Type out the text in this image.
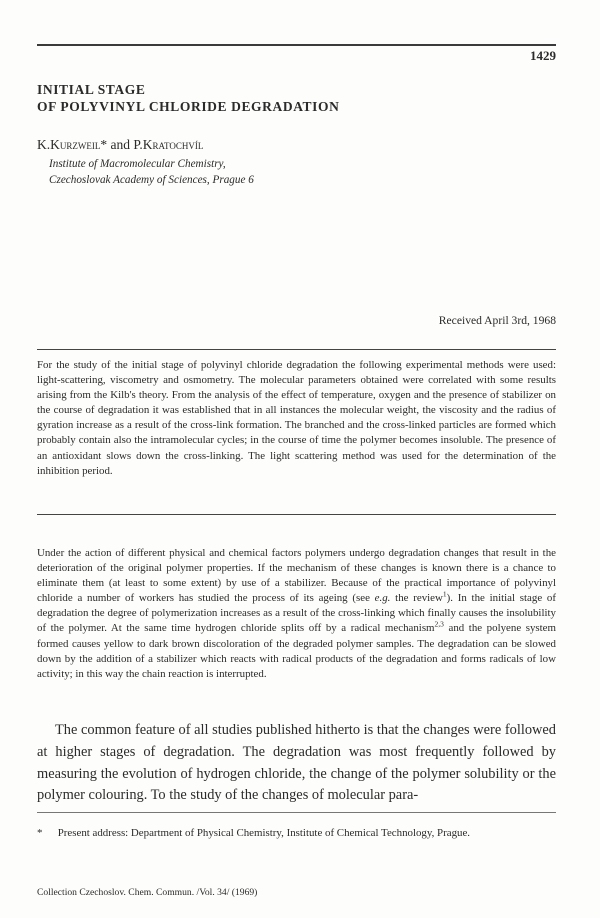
1429
INITIAL STAGE
OF POLYVINYL CHLORIDE DEGRADATION
K.Kurzweil* and P.Kratochvíl
Institute of Macromolecular Chemistry,
Czechoslovak Academy of Sciences, Prague 6
Received April 3rd, 1968

For the study of the initial stage of polyvinyl chloride degradation the following experimental methods were used: light-scattering, viscometry and osmometry. The molecular parameters obtained were correlated with some results arising from the Kilb's theory. From the analysis of the effect of temperature, oxygen and the presence of stabilizer on the course of degradation it was established that in all instances the molecular weight, the viscosity and the radius of gyration increase as a result of the cross-link formation. The branched and the cross-linked particles are formed which probably contain also the intramolecular cycles; in the course of time the polymer becomes insoluble. The presence of an antioxidant slows down the cross-linking. The light scattering method was used for the determination of the inhibition period.

Under the action of different physical and chemical factors polymers undergo degradation changes that result in the deterioration of the original polymer properties. If the mechanism of these changes is known there is a chance to eliminate them (at least to some extent) by use of a stabilizer. Because of the practical importance of polyvinyl chloride a number of workers has studied the process of its ageing (see e.g. the review$^1$). In the initial stage of degradation the degree of polymerization increases as a result of the cross-linking which finally causes the insolubility of the polymer. At the same time hydrogen chloride splits off by a radical mechanism$^{2,3}$ and the polyene system formed causes yellow to dark brown discoloration of the degraded polymer samples. The degradation can be slowed down by the addition of a stabilizer which reacts with radical products of the degradation and forms radicals of low activity; in this way the chain reaction is interrupted.

The common feature of all studies published hitherto is that the changes were followed at higher stages of degradation. The degradation was most frequently followed by measuring the evolution of hydrogen chloride, the change of the polymer solubility or the polymer colouring. To the study of the changes of molecular para-

* Present address: Department of Physical Chemistry, Institute of Chemical Technology, Prague.
Collection Czechoslov. Chem. Commun. /Vol. 34/ (1969)
